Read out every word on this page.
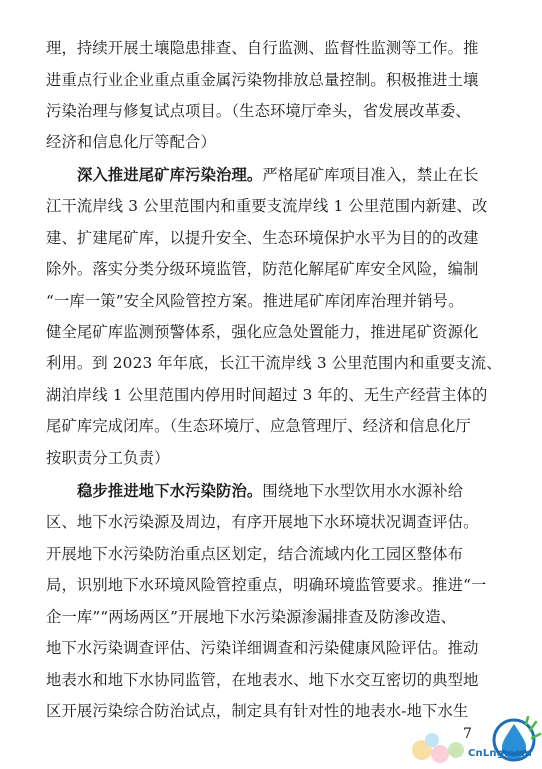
理，持续开展土壤隐患排查、自行监测、监督性监测等工作。推
进重点行业企业重点重金属污染物排放总量控制。积极推进土壤
污染治理与修复试点项目。（生态环境厅牵头，省发展改革委、
经济和信息化厅等配合）
深入推进尾矿库污染治理。严格尾矿库项目准入，禁止在长
江干流岸线 3 公里范围内和重要支流岸线 1 公里范围内新建、改
建、扩建尾矿库，以提升安全、生态环境保护水平为目的的改建
除外。落实分类分级环境监管，防范化解尾矿库安全风险，编制
“一库一策”安全风险管控方案。推进尾矿库闭库治理并销号。
健全尾矿库监测预警体系，强化应急处置能力，推进尾矿资源化
利用。到 2023 年年底，长江干流岸线 3 公里范围内和重要支流、
湖泊岸线 1 公里范围内停用时间超过 3 年的、无生产经营主体的
尾矿库完成闭库。（生态环境厅、应急管理厅、经济和信息化厅
按职责分工负责）
稳步推进地下水污染防治。围绕地下水型饮用水水源补给
区、地下水污染源及周边，有序开展地下水环境状况调查评估。
开展地下水污染防治重点区划定，结合流域内化工园区整体布
局，识别地下水环境风险管控重点，明确环境监管要求。推进“一
企一库”“两场两区”开展地下水污染源渗漏排查及防渗改造、
地下水污染调查评估、污染详细调查和污染健康风险评估。推动
地表水和地下水协同监管，在地表水、地下水交互密切的典型地
区开展污染综合防治试点，制定具有针对性的地表水-地下水生
7
CnLng.com
